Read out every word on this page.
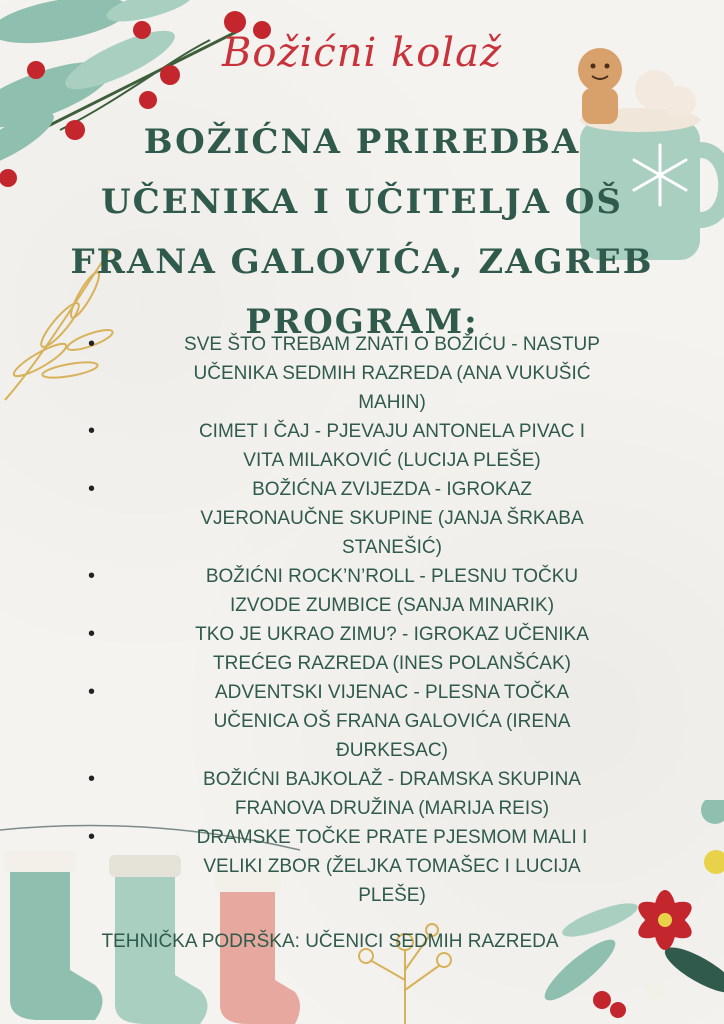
Božićni kolaž
BOŽIĆNA PRIREDBA
UČENIKA I UČITELJA OŠ
FRANA GALOVIĆA, ZAGREB
PROGRAM:
• SVE ŠTO TREBAM ZNATI O BOŽIĆU - NASTUP
UČENIKA SEDMIH RAZREDA (ANA VUKUŠIĆ
MAHIN)
• CIMET I ČAJ - PJEVAJU ANTONELA PIVAC I
VITA MILAKOVIĆ (LUCIJA PLEŠE)
• BOŽIĆNA ZVIJEZDA - IGROKAZ
VJERONAUČNE SKUPINE (JANJA ŠRKABA
STANEŠIĆ)
• BOŽIĆNI ROCK’N’ROLL - PLESNU TOČKU
IZVODE ZUMBICE (SANJA MINARIK)
• TKO JE UKRAO ZIMU? - IGROKAZ UČENIKA
TREĆEG RAZREDA (INES POLANŠĆAK)
• ADVENTSKI VIJENAC - PLESNA TOČKA
UČENICA OŠ FRANA GALOVIĆA (IRENA
ĐURKESAC)
• BOŽIĆNI BAJKOLAŽ - DRAMSKA SKUPINA
FRANOVA DRUŽINA (MARIJA REIS)
• DRAMSKE TOČKE PRATE PJESMOM MALI I
VELIKI ZBOR (ŽELJKA TOMAŠEC I LUCIJA
PLEŠE)
TEHNIČKA PODRŠKA: UČENICI SEDMIH RAZREDA
